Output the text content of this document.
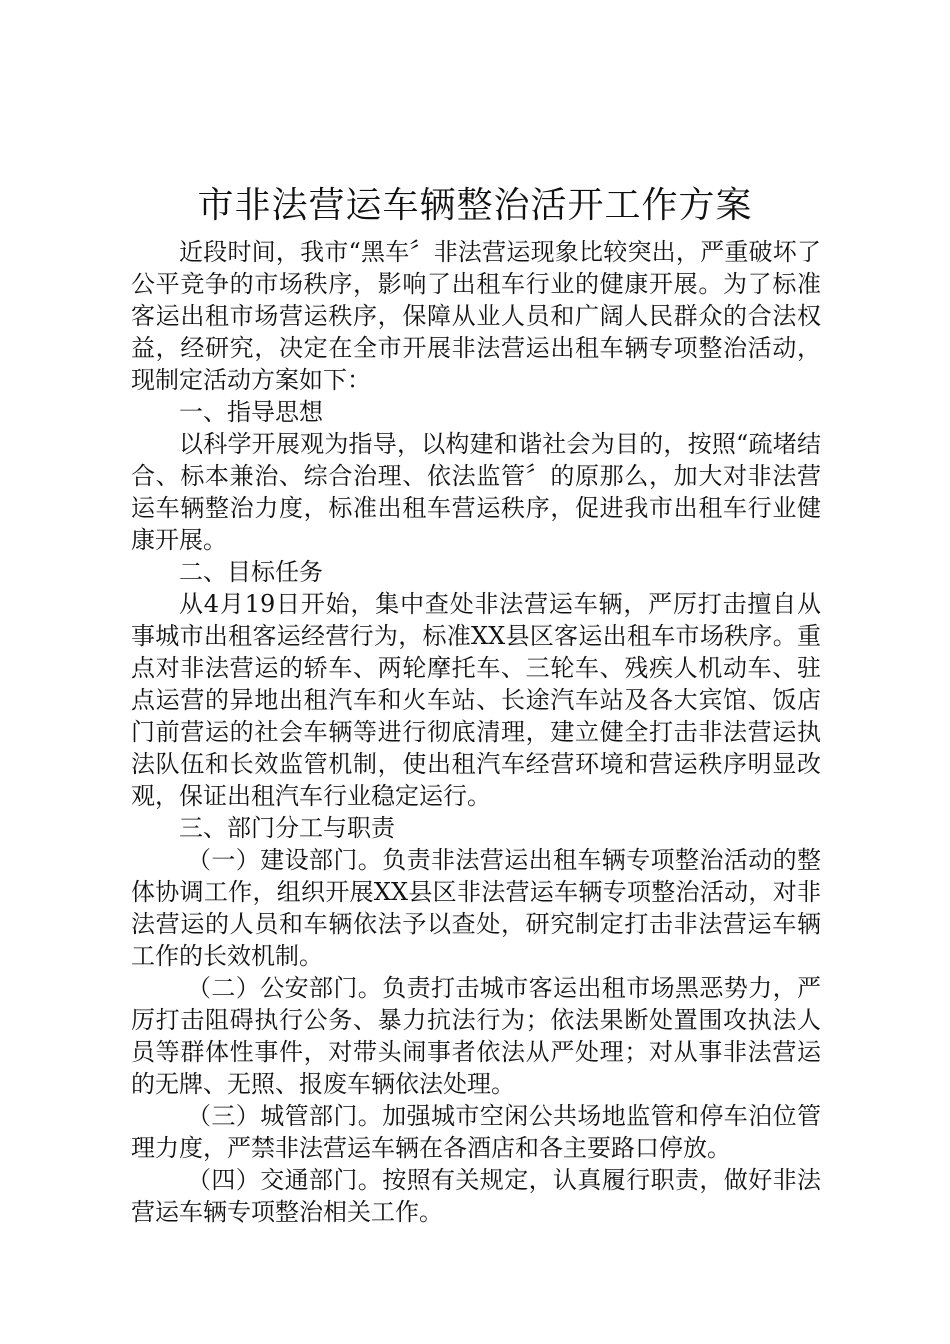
市非法营运车辆整治活开工作方案

近段时间，我市“黑车〞非法营运现象比较突出，严重破坏了公平竞争的市场秩序，影响了出租车行业的健康开展。为了标准客运出租市场营运秩序，保障从业人员和广阔人民群众的合法权益，经研究，决定在全市开展非法营运出租车辆专项整治活动，现制定活动方案如下：

一、指导思想

以科学开展观为指导，以构建和谐社会为目的，按照“疏堵结合、标本兼治、综合治理、依法监管〞的原那么，加大对非法营运车辆整治力度，标准出租车营运秩序，促进我市出租车行业健康开展。

二、目标任务

从4月19日开始，集中查处非法营运车辆，严厉打击擅自从事城市出租客运经营行为，标准XX县区客运出租车市场秩序。重点对非法营运的轿车、两轮摩托车、三轮车、残疾人机动车、驻点运营的异地出租汽车和火车站、长途汽车站及各大宾馆、饭店门前营运的社会车辆等进行彻底清理，建立健全打击非法营运执法队伍和长效监管机制，使出租汽车经营环境和营运秩序明显改观，保证出租汽车行业稳定运行。

三、部门分工与职责

（一）建设部门。负责非法营运出租车辆专项整治活动的整体协调工作，组织开展XX县区非法营运车辆专项整治活动，对非法营运的人员和车辆依法予以查处，研究制定打击非法营运车辆工作的长效机制。

（二）公安部门。负责打击城市客运出租市场黑恶势力，严厉打击阻碍执行公务、暴力抗法行为；依法果断处置围攻执法人员等群体性事件，对带头闹事者依法从严处理；对从事非法营运的无牌、无照、报废车辆依法处理。

（三）城管部门。加强城市空闲公共场地监管和停车泊位管理力度，严禁非法营运车辆在各酒店和各主要路口停放。

（四）交通部门。按照有关规定，认真履行职责，做好非法营运车辆专项整治相关工作。
